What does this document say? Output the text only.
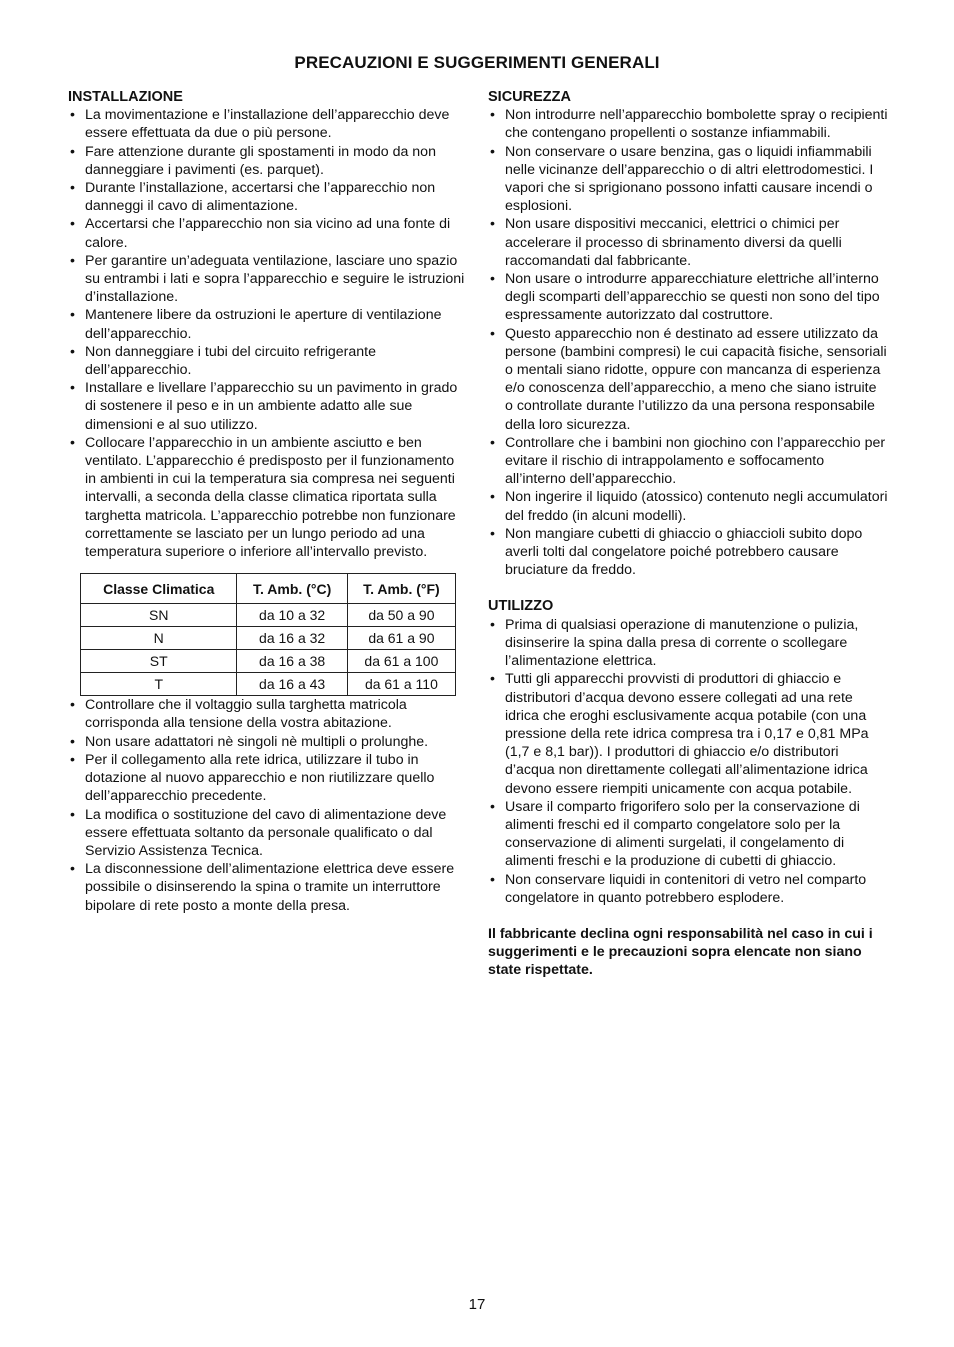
PRECAUZIONI E SUGGERIMENTI GENERALI
INSTALLAZIONE
• La movimentazione e l’installazione dell’apparecchio deve essere effettuata da due o più persone.
• Fare attenzione durante gli spostamenti in modo da non danneggiare i pavimenti (es. parquet).
• Durante l’installazione, accertarsi che l’apparecchio non danneggi il cavo di alimentazione.
• Accertarsi che l’apparecchio non sia vicino ad una fonte di calore.
• Per garantire un’adeguata ventilazione, lasciare uno spazio su entrambi i lati e sopra l’apparecchio e seguire le istruzioni d’installazione.
• Mantenere libere da ostruzioni le aperture di ventilazione dell’apparecchio.
• Non danneggiare i tubi del circuito refrigerante dell’apparecchio.
• Installare e livellare l’apparecchio su un pavimento in grado di sostenere il peso e in un ambiente adatto alle sue dimensioni e al suo utilizzo.
• Collocare l’apparecchio in un ambiente asciutto e ben ventilato. L’apparecchio é predisposto per il funzionamento in ambienti in cui la temperatura sia compresa nei seguenti intervalli, a seconda della classe climatica riportata sulla targhetta matricola. L’apparecchio potrebbe non funzionare correttamente se lasciato per un lungo periodo ad una temperatura superiore o inferiore all’intervallo previsto.
Classe Climatica	T. Amb. (°C)	T. Amb. (°F)
SN	da 10 a 32	da 50 a 90
N	da 16 a 32	da 61 a 90
ST	da 16 a 38	da 61 a 100
T	da 16 a 43	da 61 a 110
• Controllare che il voltaggio sulla targhetta matricola corrisponda alla tensione della vostra abitazione.
• Non usare adattatori nè singoli nè multipli o prolunghe.
• Per il collegamento alla rete idrica, utilizzare il tubo in dotazione al nuovo apparecchio e non riutilizzare quello dell’apparecchio precedente.
• La modifica o sostituzione del cavo di alimentazione deve essere effettuata soltanto da personale qualificato o dal Servizio Assistenza Tecnica.
• La disconnessione dell’alimentazione elettrica deve essere possibile o disinserendo la spina o tramite un interruttore bipolare di rete posto a monte della presa.
SICUREZZA
• Non introdurre nell’apparecchio bombolette spray o recipienti che contengano propellenti o sostanze infiammabili.
• Non conservare o usare benzina, gas o liquidi infiammabili nelle vicinanze dell’apparecchio o di altri elettrodomestici. I vapori che si sprigionano possono infatti causare incendi o esplosioni.
• Non usare dispositivi meccanici, elettrici o chimici per accelerare il processo di sbrinamento diversi da quelli raccomandati dal fabbricante.
• Non usare o introdurre apparecchiature elettriche all’interno degli scomparti dell’apparecchio se questi non sono del tipo espressamente autorizzato dal costruttore.
• Questo apparecchio non é destinato ad essere utilizzato da persone (bambini compresi) le cui capacità fisiche, sensoriali o mentali siano ridotte, oppure con mancanza di esperienza e/o conoscenza dell’apparecchio, a meno che siano istruite o controllate durante l’utilizzo da una persona responsabile della loro sicurezza.
• Controllare che i bambini non giochino con l’apparecchio per evitare il rischio di intrappolamento e soffocamento all’interno dell’apparecchio.
• Non ingerire il liquido (atossico) contenuto negli accumulatori del freddo (in alcuni modelli).
• Non mangiare cubetti di ghiaccio o ghiaccioli subito dopo averli tolti dal congelatore poiché potrebbero causare bruciature da freddo.
UTILIZZO
• Prima di qualsiasi operazione di manutenzione o pulizia, disinserire la spina dalla presa di corrente o scollegare l’alimentazione elettrica.
• Tutti gli apparecchi provvisti di produttori di ghiaccio e distributori d’acqua devono essere collegati ad una rete idrica che eroghi esclusivamente acqua potabile (con una pressione della rete idrica compresa tra i 0,17 e 0,81 MPa (1,7 e 8,1 bar)). I produttori di ghiaccio e/o distributori d’acqua non direttamente collegati all’alimentazione idrica devono essere riempiti unicamente con acqua potabile.
• Usare il comparto frigorifero solo per la conservazione di alimenti freschi ed il comparto congelatore solo per la conservazione di alimenti surgelati, il congelamento di alimenti freschi e la produzione di cubetti di ghiaccio.
• Non conservare liquidi in contenitori di vetro nel comparto congelatore in quanto potrebbero esplodere.
Il fabbricante declina ogni responsabilità nel caso in cui i suggerimenti e le precauzioni sopra elencate non siano state rispettate.
17
